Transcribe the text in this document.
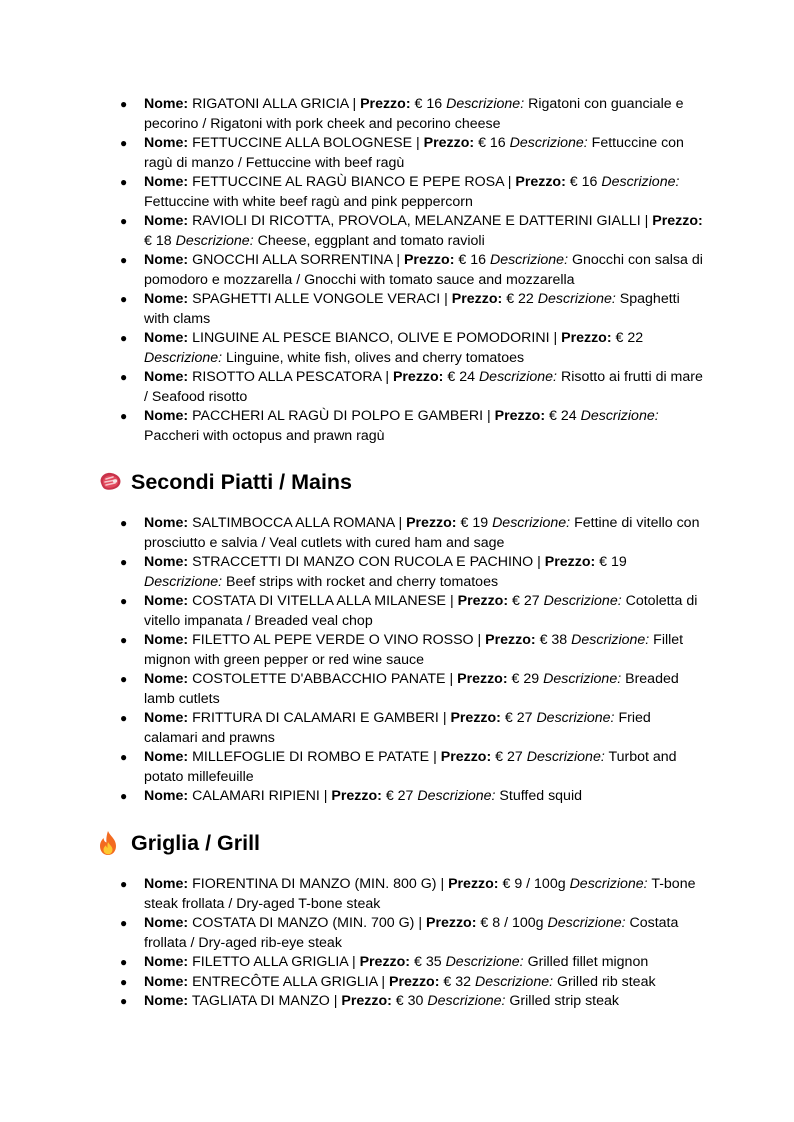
● Nome: RIGATONI ALLA GRICIA | Prezzo: € 16 Descrizione: Rigatoni con guanciale e pecorino / Rigatoni with pork cheek and pecorino cheese
● Nome: FETTUCCINE ALLA BOLOGNESE | Prezzo: € 16 Descrizione: Fettuccine con ragù di manzo / Fettuccine with beef ragù
● Nome: FETTUCCINE AL RAGÙ BIANCO E PEPE ROSA | Prezzo: € 16 Descrizione: Fettuccine with white beef ragù and pink peppercorn
● Nome: RAVIOLI DI RICOTTA, PROVOLA, MELANZANE E DATTERINI GIALLI | Prezzo: € 18 Descrizione: Cheese, eggplant and tomato ravioli
● Nome: GNOCCHI ALLA SORRENTINA | Prezzo: € 16 Descrizione: Gnocchi con salsa di pomodoro e mozzarella / Gnocchi with tomato sauce and mozzarella
● Nome: SPAGHETTI ALLE VONGOLE VERACI | Prezzo: € 22 Descrizione: Spaghetti with clams
● Nome: LINGUINE AL PESCE BIANCO, OLIVE E POMODORINI | Prezzo: € 22 Descrizione: Linguine, white fish, olives and cherry tomatoes
● Nome: RISOTTO ALLA PESCATORA | Prezzo: € 24 Descrizione: Risotto ai frutti di mare / Seafood risotto
● Nome: PACCHERI AL RAGÙ DI POLPO E GAMBERI | Prezzo: € 24 Descrizione: Paccheri with octopus and prawn ragù
Secondi Piatti / Mains
● Nome: SALTIMBOCCA ALLA ROMANA | Prezzo: € 19 Descrizione: Fettine di vitello con prosciutto e salvia / Veal cutlets with cured ham and sage
● Nome: STRACCETTI DI MANZO CON RUCOLA E PACHINO | Prezzo: € 19 Descrizione: Beef strips with rocket and cherry tomatoes
● Nome: COSTATA DI VITELLA ALLA MILANESE | Prezzo: € 27 Descrizione: Cotoletta di vitello impanata / Breaded veal chop
● Nome: FILETTO AL PEPE VERDE O VINO ROSSO | Prezzo: € 38 Descrizione: Fillet mignon with green pepper or red wine sauce
● Nome: COSTOLETTE D'ABBACCHIO PANATE | Prezzo: € 29 Descrizione: Breaded lamb cutlets
● Nome: FRITTURA DI CALAMARI E GAMBERI | Prezzo: € 27 Descrizione: Fried calamari and prawns
● Nome: MILLEFOGLIE DI ROMBO E PATATE | Prezzo: € 27 Descrizione: Turbot and potato millefeuille
● Nome: CALAMARI RIPIENI | Prezzo: € 27 Descrizione: Stuffed squid
Griglia / Grill
● Nome: FIORENTINA DI MANZO (MIN. 800 G) | Prezzo: € 9 / 100g Descrizione: T-bone steak frollata / Dry-aged T-bone steak
● Nome: COSTATA DI MANZO (MIN. 700 G) | Prezzo: € 8 / 100g Descrizione: Costata frollata / Dry-aged rib-eye steak
● Nome: FILETTO ALLA GRIGLIA | Prezzo: € 35 Descrizione: Grilled fillet mignon
● Nome: ENTRECÔTE ALLA GRIGLIA | Prezzo: € 32 Descrizione: Grilled rib steak
● Nome: TAGLIATA DI MANZO | Prezzo: € 30 Descrizione: Grilled strip steak
